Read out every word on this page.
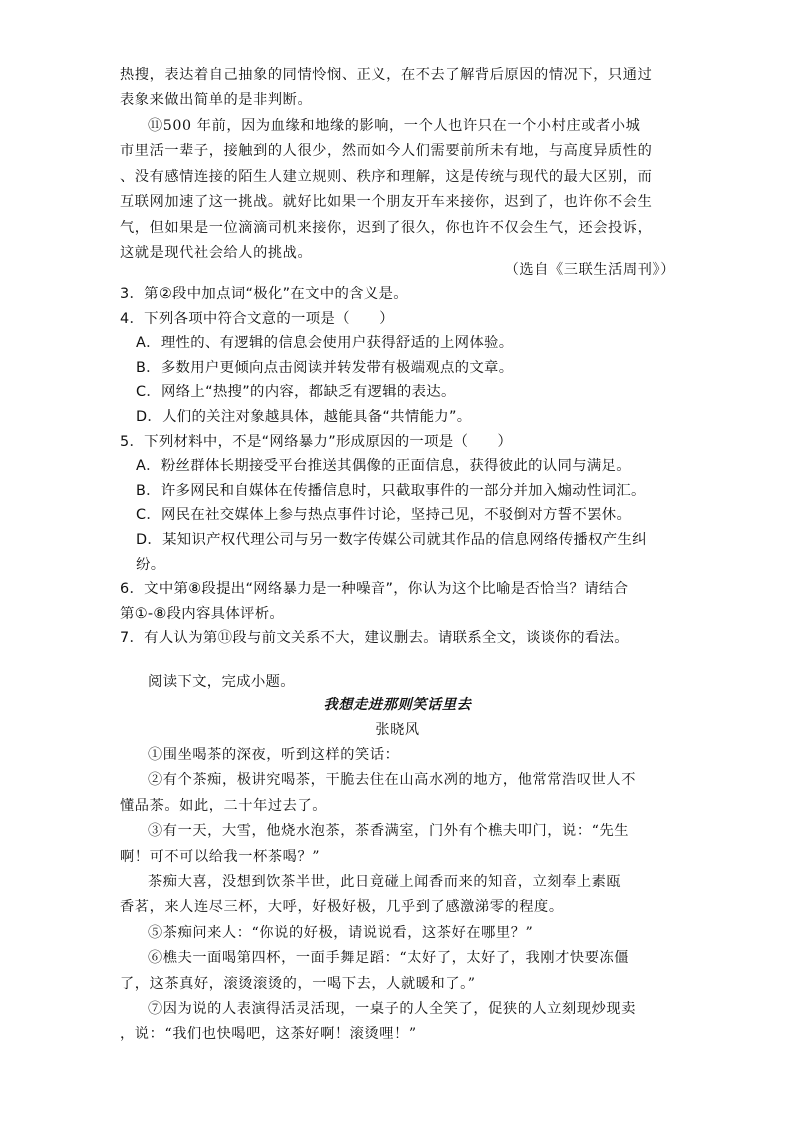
热搜，表达着自己抽象的同情怜悯、正义，在不去了解背后原因的情况下，只通过
表象来做出简单的是非判断。
⑪500 年前，因为血缘和地缘的影响，一个人也许只在一个小村庄或者小城
市里活一辈子，接触到的人很少，然而如今人们需要前所未有地，与高度异质性的
、没有感情连接的陌生人建立规则、秩序和理解，这是传统与现代的最大区别，而
互联网加速了这一挑战。就好比如果一个朋友开车来接你，迟到了，也许你不会生
气，但如果是一位滴滴司机来接你，迟到了很久，你也许不仅会生气，还会投诉，
这就是现代社会给人的挑战。
（选自《三联生活周刊》）
3．第②段中加点词“极化”在文中的含义是。
4．下列各项中符合文意的一项是（　　）
A．理性的、有逻辑的信息会使用户获得舒适的上网体验。
B．多数用户更倾向点击阅读并转发带有极端观点的文章。
C．网络上“热搜”的内容，都缺乏有逻辑的表达。
D．人们的关注对象越具体，越能具备“共情能力”。
5．下列材料中，不是“网络暴力”形成原因的一项是（　　）
A．粉丝群体长期接受平台推送其偶像的正面信息，获得彼此的认同与满足。
B．许多网民和自媒体在传播信息时，只截取事件的一部分并加入煽动性词汇。
C．网民在社交媒体上参与热点事件讨论，坚持己见，不驳倒对方誓不罢休。
D．某知识产权代理公司与另一数字传媒公司就其作品的信息网络传播权产生纠
纷。
6．文中第⑧段提出“网络暴力是一种噪音”，你认为这个比喻是否恰当？请结合
第①-⑧段内容具体评析。
7．有人认为第⑪段与前文关系不大，建议删去。请联系全文，谈谈你的看法。
阅读下文，完成小题。
我想走进那则笑话里去
张晓风
①围坐喝茶的深夜，听到这样的笑话：
②有个茶痴，极讲究喝茶，干脆去住在山高水冽的地方，他常常浩叹世人不
懂品茶。如此，二十年过去了。
③有一天，大雪，他烧水泡茶，茶香满室，门外有个樵夫叩门，说：“先生
啊！可不可以给我一杯茶喝？”
茶痴大喜，没想到饮茶半世，此日竟碰上闻香而来的知音，立刻奉上素瓯
香茗，来人连尽三杯，大呼，好极好极，几乎到了感激涕零的程度。
⑤茶痴问来人：“你说的好极，请说说看，这茶好在哪里？”
⑥樵夫一面喝第四杯，一面手舞足蹈：“太好了，太好了，我刚才快要冻僵
了，这茶真好，滚烫滚烫的，一喝下去，人就暖和了。”
⑦因为说的人表演得活灵活现，一桌子的人全笑了，促狭的人立刻现炒现卖
，说：“我们也快喝吧，这茶好啊！滚烫哩！”
